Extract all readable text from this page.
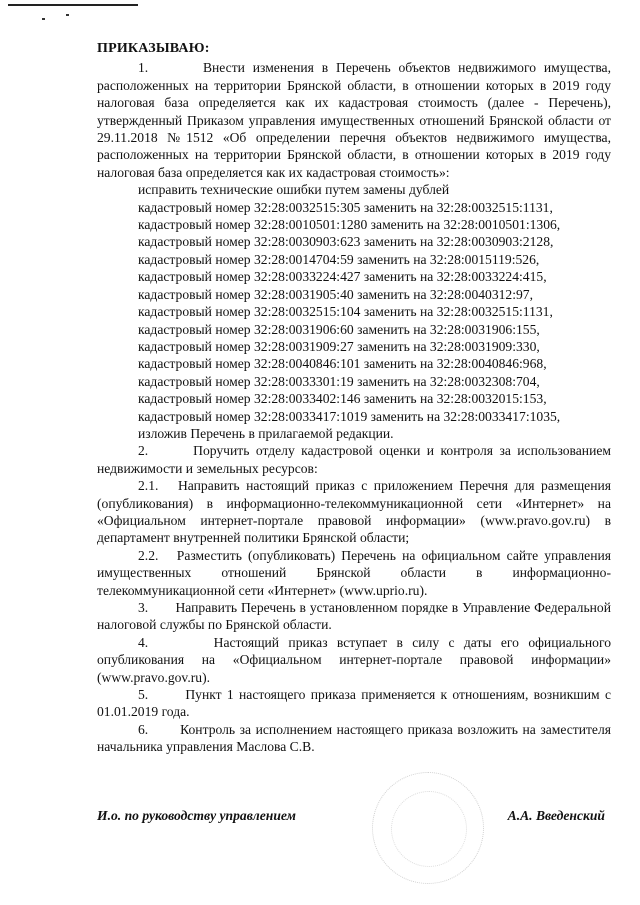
ПРИКАЗЫВАЮ:

1.       Внести изменения в Перечень объектов недвижимого имущества, расположенных на территории Брянской области, в отношении которых в 2019 году налоговая база определяется как их кадастровая стоимость (далее - Перечень), утвержденный Приказом управления имущественных отношений Брянской области от 29.11.2018 №1512 «Об определении перечня объектов недвижимого имущества, расположенных на территории Брянской области, в отношении которых в 2019 году налоговая база определяется как их кадастровая стоимость»:

исправить технические ошибки путем замены дублей

кадастровый номер 32:28:0032515:305 заменить на 32:28:0032515:1131,

кадастровый номер 32:28:0010501:1280 заменить на 32:28:0010501:1306,

кадастровый номер 32:28:0030903:623 заменить на 32:28:0030903:2128,

кадастровый номер 32:28:0014704:59 заменить на 32:28:0015119:526,

кадастровый номер 32:28:0033224:427 заменить на 32:28:0033224:415,

кадастровый номер 32:28:0031905:40 заменить на 32:28:0040312:97,

кадастровый номер 32:28:0032515:104 заменить на 32:28:0032515:1131,

кадастровый номер 32:28:0031906:60 заменить на 32:28:0031906:155,

кадастровый номер 32:28:0031909:27 заменить на 32:28:0031909:330,

кадастровый номер 32:28:0040846:101 заменить на 32:28:0040846:968,

кадастровый номер 32:28:0033301:19 заменить на 32:28:0032308:704,

кадастровый номер 32:28:0033402:146 заменить на 32:28:0032015:153,

кадастровый номер 32:28:0033417:1019 заменить на 32:28:0033417:1035,

изложив Перечень в прилагаемой редакции.

2.       Поручить отделу кадастровой оценки и контроля за использованием недвижимости и земельных ресурсов:

2.1.   Направить настоящий приказ с приложением Перечня для размещения (опубликования) в информационно-телекоммуникационной сети «Интернет» на «Официальном интернет-портале правовой информации» (www.pravo.gov.ru) в департамент внутренней политики Брянской области;

2.2.   Разместить (опубликовать) Перечень на официальном сайте управления имущественных отношений Брянской области в информационно-телекоммуникационной сети «Интернет» (www.uprio.ru).

3.       Направить Перечень в установленном порядке в Управление Федеральной налоговой службы по Брянской области.

4.       Настоящий приказ вступает в силу с даты его официального опубликования на «Официальном интернет-портале правовой информации» (www.pravo.gov.ru).

5.       Пункт 1 настоящего приказа применяется к отношениям, возникшим с 01.01.2019 года.

6.       Контроль за исполнением настоящего приказа возложить на заместителя начальника управления Маслова С.В.

И.о. по руководству управлением	А.А. Введенский
